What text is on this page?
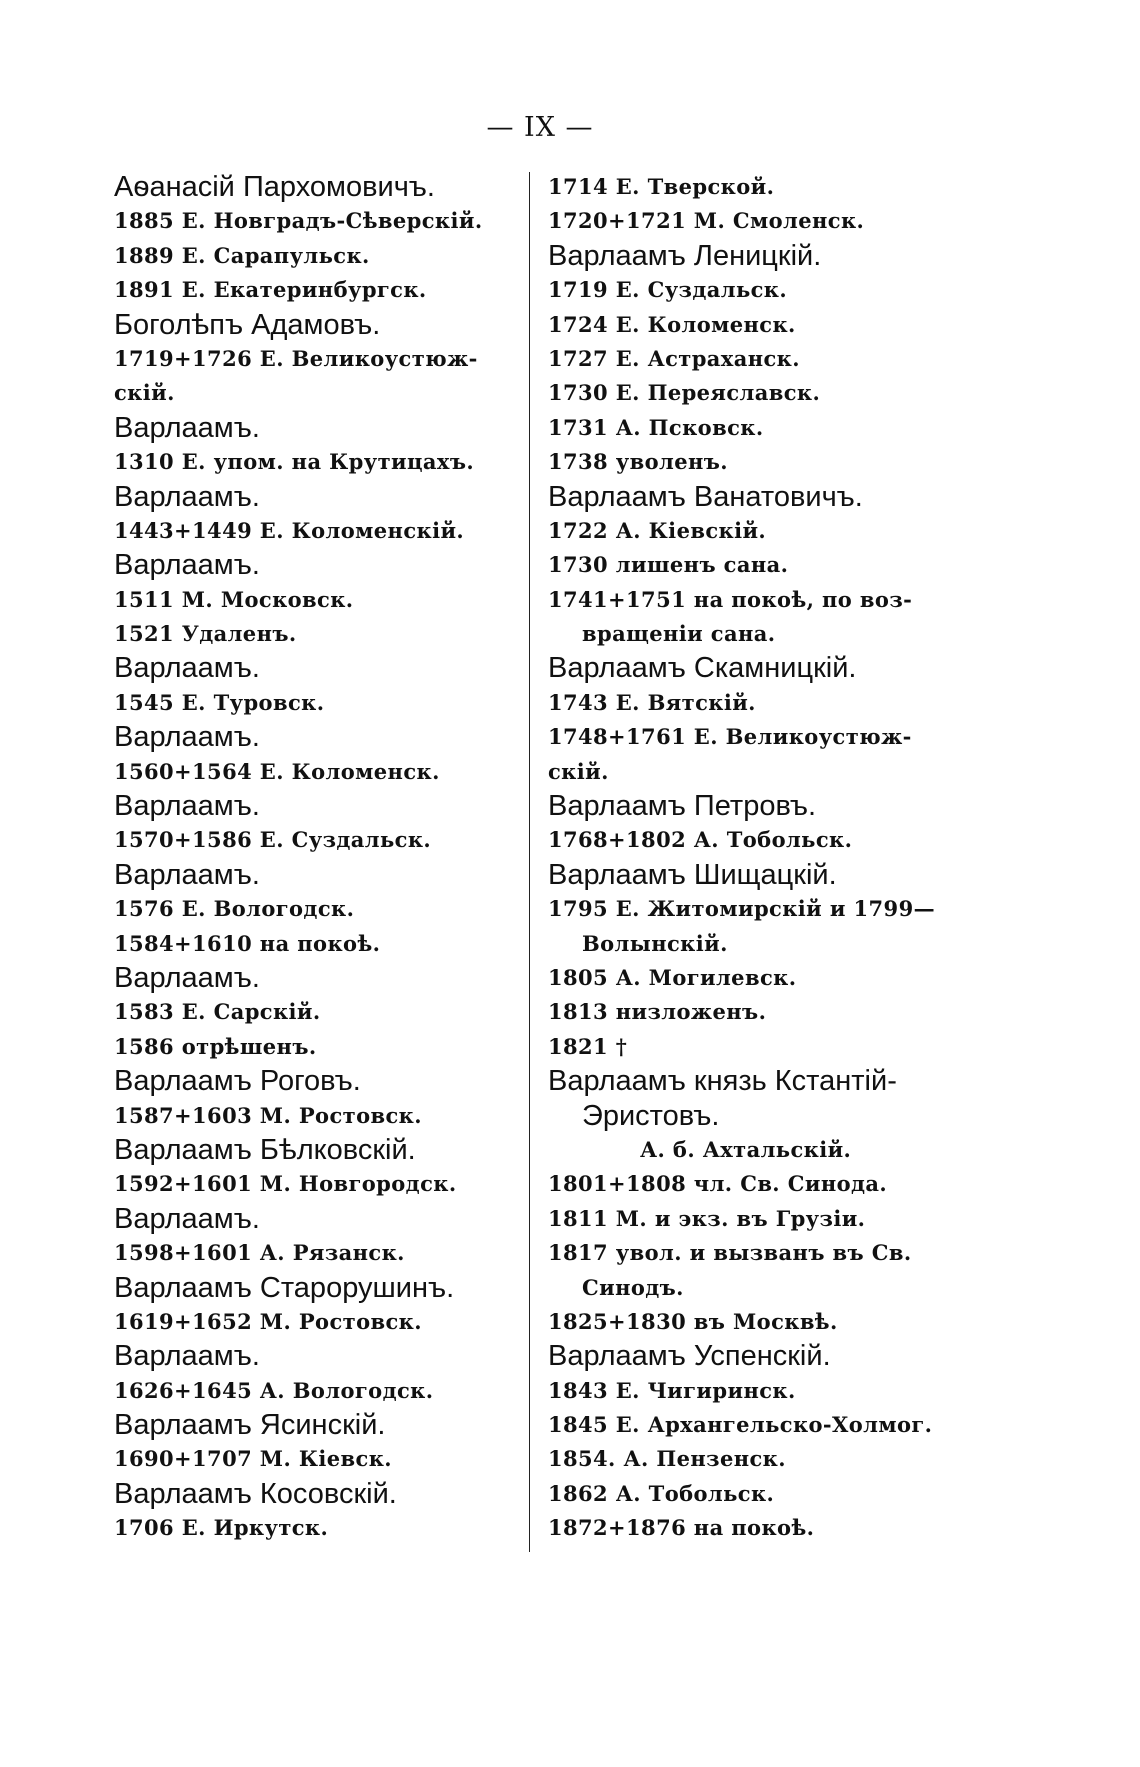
— IX —
Аѳанасій Пархомовичъ.
1885 Е. Новградъ-Сѣверскій.
1889 Е. Сарапульск.
1891 Е. Екатеринбургск.
Боголѣпъ Адамовъ.
1719+1726 Е. Великоустюж-
скій.
Варлаамъ.
1310 Е. упом. на Крутицахъ.
Варлаамъ.
1443+1449 Е. Коломенскій.
Варлаамъ.
1511 М. Московск.
1521 Удаленъ.
Варлаамъ.
1545 Е. Туровск.
Варлаамъ.
1560+1564 Е. Коломенск.
Варлаамъ.
1570+1586 Е. Суздальск.
Варлаамъ.
1576 Е. Вологодск.
1584+1610 на покоѣ.
Варлаамъ.
1583 Е. Сарскій.
1586 отрѣшенъ.
Варлаамъ Роговъ.
1587+1603 М. Ростовск.
Варлаамъ Бѣлковскій.
1592+1601 М. Новгородск.
Варлаамъ.
1598+1601 А. Рязанск.
Варлаамъ Старорушинъ.
1619+1652 М. Ростовск.
Варлаамъ.
1626+1645 А. Вологодск.
Варлаамъ Ясинскій.
1690+1707 М. Кіевск.
Варлаамъ Косовскій.
1706 Е. Иркутск.
1714 Е. Тверской.
1720+1721 М. Смоленск.
Варлаамъ Леницкій.
1719 Е. Суздальск.
1724 Е. Коломенск.
1727 Е. Астраханск.
1730 Е. Переяславск.
1731 А. Псковск.
1738 уволенъ.
Варлаамъ Ванатовичъ.
1722 А. Кіевскій.
1730 лишенъ сана.
1741+1751 на покоѣ, по воз-
вращеніи сана.
Варлаамъ Скамницкій.
1743 Е. Вятскій.
1748+1761 Е. Великоустюж-
скій.
Варлаамъ Петровъ.
1768+1802 А. Тобольск.
Варлаамъ Шищацкій.
1795 Е. Житомирскій и 1799—
Волынскій.
1805 А. Могилевск.
1813 низложенъ.
1821 †
Варлаамъ князь Кстантій-
Эристовъ.
А. б. Ахтальскій.
1801+1808 чл. Св. Синода.
1811 М. и экз. въ Грузіи.
1817 увол. и вызванъ въ Св.
Синодъ.
1825+1830 въ Москвѣ.
Варлаамъ Успенскій.
1843 Е. Чигиринск.
1845 Е. Архангельско-Холмог.
1854. А. Пензенск.
1862 А. Тобольск.
1872+1876 на покоѣ.
